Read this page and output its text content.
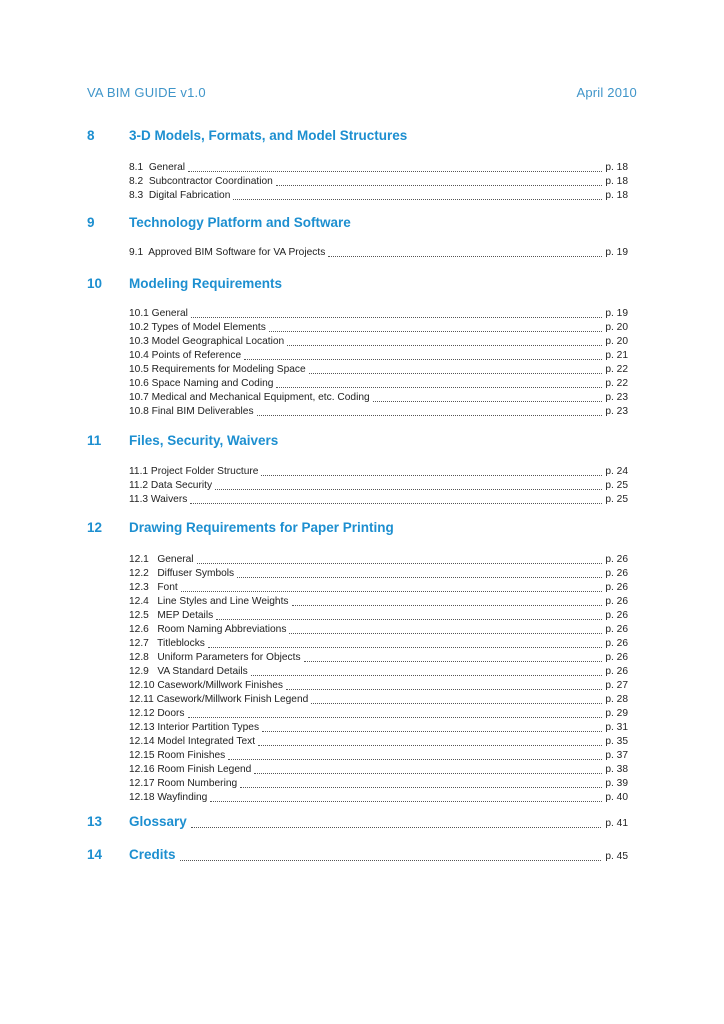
VA BIM GUIDE v1.0	April 2010
8	3-D Models, Formats, and Model Structures
8.1  General	p. 18
8.2  Subcontractor Coordination	p. 18
8.3  Digital Fabrication	p. 18
9	Technology Platform and Software
9.1  Approved BIM Software for VA Projects	p. 19
10 Modeling Requirements
10.1 General	p. 19
10.2 Types of Model Elements	p. 20
10.3 Model Geographical Location	p. 20
10.4 Points of Reference	p. 21
10.5 Requirements for Modeling Space	p. 22
10.6 Space Naming and Coding	p. 22
10.7 Medical and Mechanical Equipment, etc. Coding	p. 23
10.8 Final BIM Deliverables	p. 23
11 Files, Security, Waivers
11.1 Project Folder Structure	p. 24
11.2 Data Security	p. 25
11.3 Waivers	p. 25
12 Drawing Requirements for Paper Printing
12.1   General	p. 26
12.2   Diffuser Symbols	p. 26
12.3   Font	p. 26
12.4   Line Styles and Line Weights	p. 26
12.5   MEP Details	p. 26
12.6   Room Naming Abbreviations	p. 26
12.7   Titleblocks	p. 26
12.8   Uniform Parameters for Objects	p. 26
12.9   VA Standard Details	p. 26
12.10 Casework/Millwork Finishes	p. 27
12.11 Casework/Millwork Finish Legend	p. 28
12.12 Doors	p. 29
12.13 Interior Partition Types	p. 31
12.14 Model Integrated Text	p. 35
12.15 Room Finishes	p. 37
12.16 Room Finish Legend	p. 38
12.17 Room Numbering	p. 39
12.18 Wayfinding	p. 40
13 Glossary	p. 41
14 Credits	p. 45
